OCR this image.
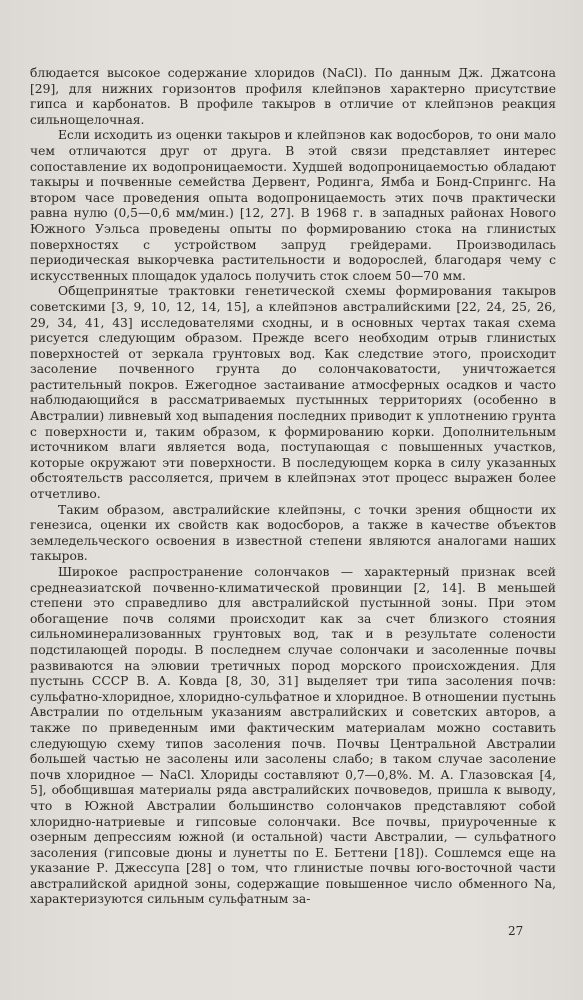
блюдается высокое содержание хлоридов (NaCl). По данным Дж. Джатсона [29], для нижних горизонтов профиля клейпэнов характерно присутствие гипса и карбонатов. В профиле такыров в отличие от клейпэнов реакция сильнощелочная.

Если исходить из оценки такыров и клейпэнов как водосборов, то они мало чем отличаются друг от друга. В этой связи представляет интерес сопоставление их водопроницаемости. Худшей водопроницаемостью обладают такыры и почвенные семейства Дервент, Родинга, Ямба и Бонд-Спрингс. На втором часе проведения опыта водопроницаемость этих почв практически равна нулю (0,5—0,6 мм/мин.) [12, 27]. В 1968 г. в западных районах Нового Южного Уэльса проведены опыты по формированию стока на глинистых поверхностях с устройством запруд грейдерами. Производилась периодическая выкорчевка растительности и водорослей, благодаря чему с искусственных площадок удалось получить сток слоем 50—70 мм.

Общепринятые трактовки генетической схемы формирования такыров советскими [3, 9, 10, 12, 14, 15], а клейпэнов австралийскими [22, 24, 25, 26, 29, 34, 41, 43] исследователями сходны, и в основных чертах такая схема рисуется следующим образом. Прежде всего необходим отрыв глинистых поверхностей от зеркала грунтовых вод. Как следствие этого, происходит засоление почвенного грунта до солончаковатости, уничтожается растительный покров. Ежегодное застаивание атмосферных осадков и часто наблюдающийся в рассматриваемых пустынных территориях (особенно в Австралии) ливневый ход выпадения последних приводит к уплотнению грунта с поверхности и, таким образом, к формированию корки. Дополнительным источником влаги является вода, поступающая с повышенных участков, которые окружают эти поверхности. В последующем корка в силу указанных обстоятельств рассоляется, причем в клейпэнах этот процесс выражен более отчетливо.

Таким образом, австралийские клейпэны, с точки зрения общности их генезиса, оценки их свойств как водосборов, а также в качестве объектов земледельческого освоения в известной степени являются аналогами наших такыров.

Широкое распространение солончаков — характерный признак всей среднеазиатской почвенно-климатической провинции [2, 14]. В меньшей степени это справедливо для австралийской пустынной зоны. При этом обогащение почв солями происходит как за счет близкого стояния сильноминерализованных грунтовых вод, так и в результате солености подстилающей породы. В последнем случае солончаки и засоленные почвы развиваются на элювии третичных пород морского происхождения. Для пустынь СССР В. А. Ковда [8, 30, 31] выделяет три типа засоления почв: сульфатно-хлоридное, хлоридно-сульфатное и хлоридное. В отношении пустынь Австралии по отдельным указаниям австралийских и советских авторов, а также по приведенным ими фактическим материалам можно составить следующую схему типов засоления почв. Почвы Центральной Австралии большей частью не засолены или засолены слабо; в таком случае засоление почв хлоридное — NaCl. Хлориды составляют 0,7—0,8%. М. А. Глазовская [4, 5], обобщившая материалы ряда австралийских почвоведов, пришла к выводу, что в Южной Австралии большинство солончаков представляют собой хлоридно-натриевые и гипсовые солончаки. Все почвы, приуроченные к озерным депрессиям южной (и остальной) части Австралии, — сульфатного засоления (гипсовые дюны и лунетты по Е. Беттени [18]). Сошлемся еще на указание Р. Джессупа [28] о том, что глинистые почвы юго-восточной части австралийской аридной зоны, содержащие повышенное число обменного Na, характеризуются сильным сульфатным за-

27
